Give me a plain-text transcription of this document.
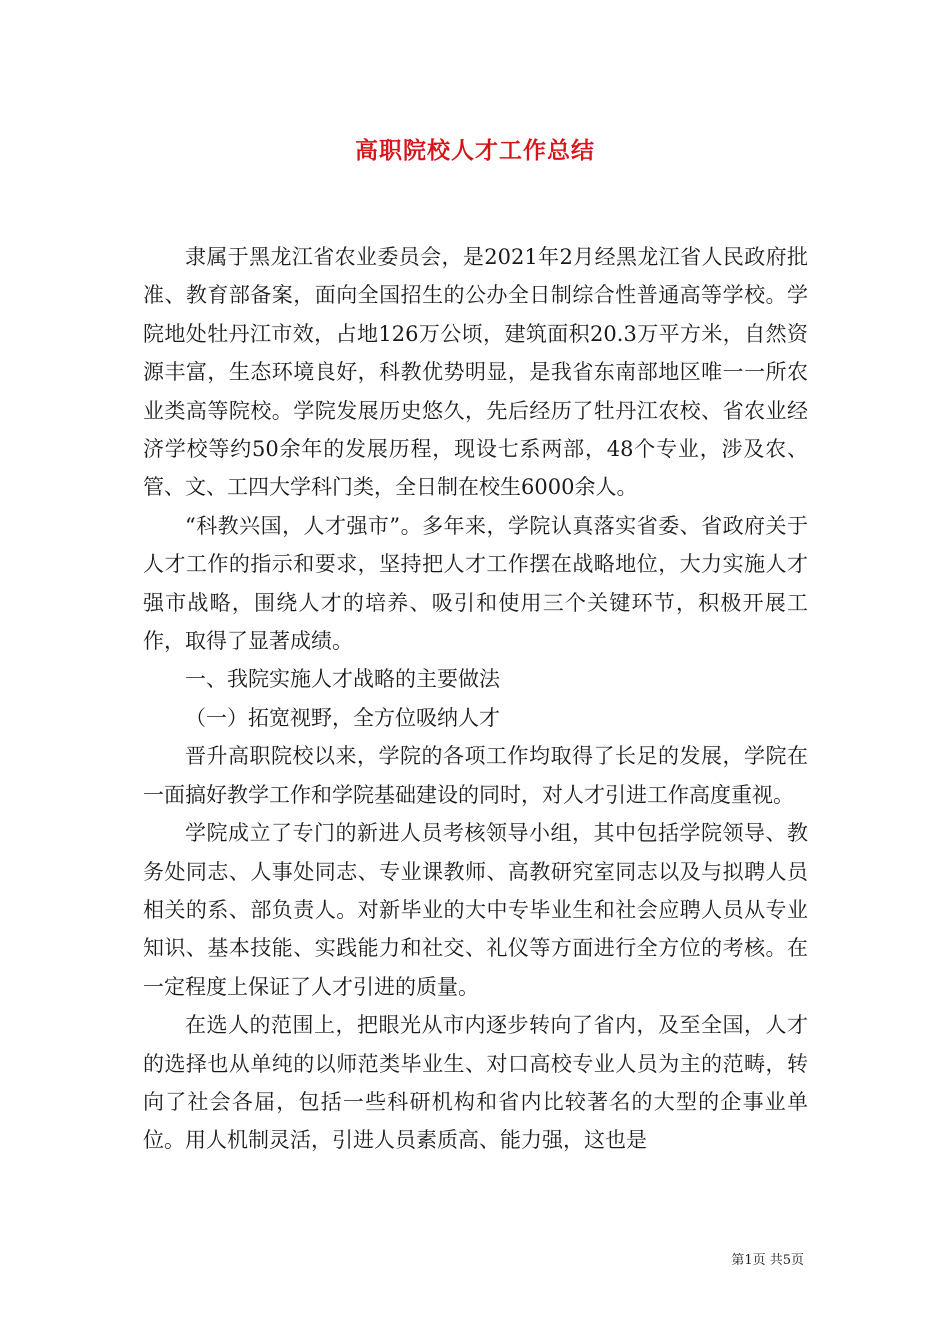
高职院校人才工作总结

隶属于黑龙江省农业委员会，是2021年2月经黑龙江省人民政府批准、教育部备案，面向全国招生的公办全日制综合性普通高等学校。学院地处牡丹江市效，占地126万公顷，建筑面积20.3万平方米，自然资源丰富，生态环境良好，科教优势明显，是我省东南部地区唯一一所农业类高等院校。学院发展历史悠久，先后经历了牡丹江农校、省农业经济学校等约50余年的发展历程，现设七系两部，48个专业，涉及农、管、文、工四大学科门类，全日制在校生6000余人。

“科教兴国，人才强市”。多年来，学院认真落实省委、省政府关于人才工作的指示和要求，坚持把人才工作摆在战略地位，大力实施人才强市战略，围绕人才的培养、吸引和使用三个关键环节，积极开展工作，取得了显著成绩。

一、我院实施人才战略的主要做法

（一）拓宽视野，全方位吸纳人才

晋升高职院校以来，学院的各项工作均取得了长足的发展，学院在一面搞好教学工作和学院基础建设的同时，对人才引进工作高度重视。

学院成立了专门的新进人员考核领导小组，其中包括学院领导、教务处同志、人事处同志、专业课教师、高教研究室同志以及与拟聘人员相关的系、部负责人。对新毕业的大中专毕业生和社会应聘人员从专业知识、基本技能、实践能力和社交、礼仪等方面进行全方位的考核。在一定程度上保证了人才引进的质量。

在选人的范围上，把眼光从市内逐步转向了省内，及至全国，人才的选择也从单纯的以师范类毕业生、对口高校专业人员为主的范畴，转向了社会各届，包括一些科研机构和省内比较著名的大型的企事业单位。用人机制灵活，引进人员素质高、能力强，这也是

第1页 共5页
